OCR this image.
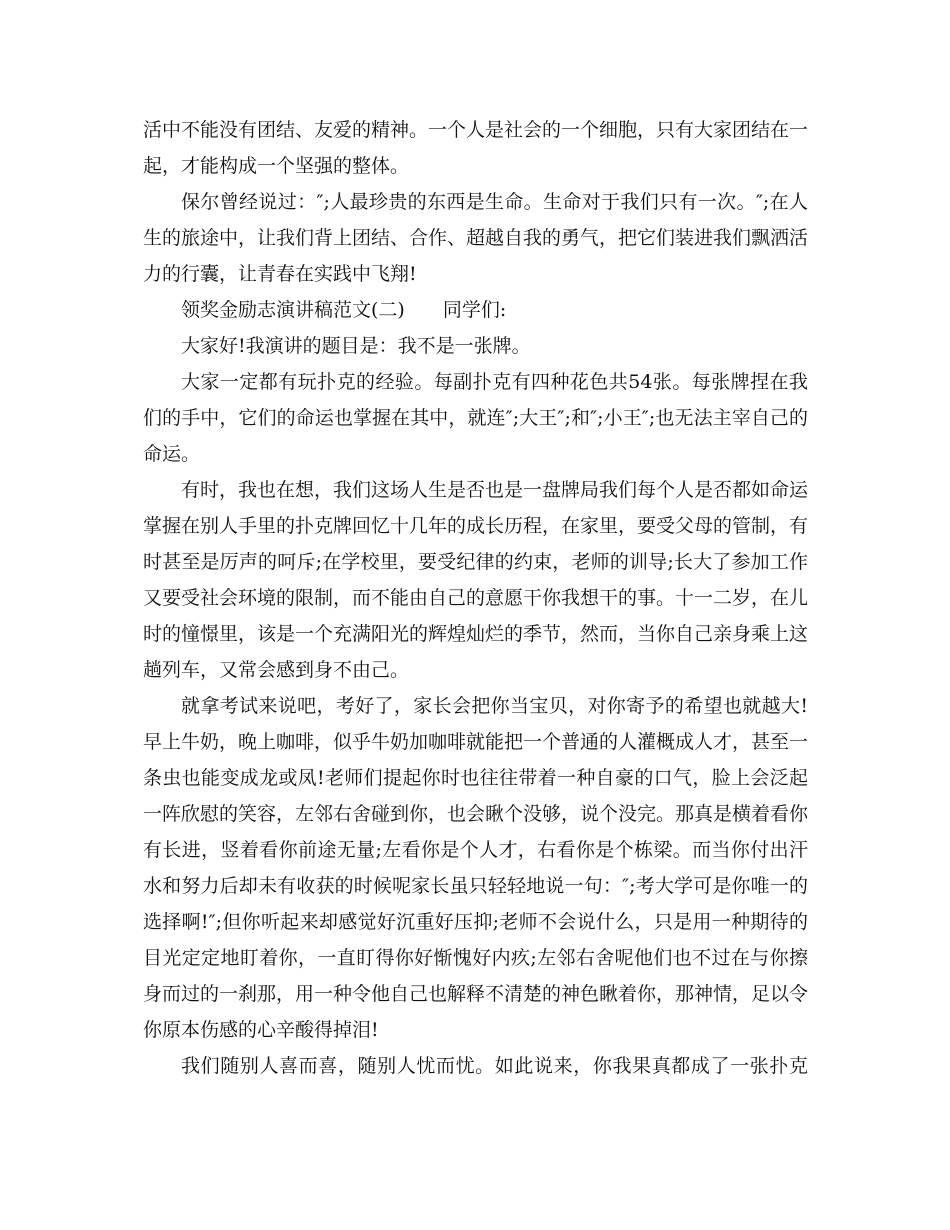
活中不能没有团结、友爱的精神。一个人是社会的一个细胞，只有大家团结在一起，才能构成一个坚强的整体。

保尔曾经说过：″;人最珍贵的东西是生命。生命对于我们只有一次。″;在人生的旅途中，让我们背上团结、合作、超越自我的勇气，把它们装进我们飘洒活力的行囊，让青春在实践中飞翔!

领奖金励志演讲稿范文(二)　　同学们:

大家好!我演讲的题目是：我不是一张牌。

大家一定都有玩扑克的经验。每副扑克有四种花色共54张。每张牌捏在我们的手中，它们的命运也掌握在其中，就连″;大王″;和″;小王″;也无法主宰自己的命运。

有时，我也在想，我们这场人生是否也是一盘牌局我们每个人是否都如命运掌握在别人手里的扑克牌回忆十几年的成长历程，在家里，要受父母的管制，有时甚至是厉声的呵斥;在学校里，要受纪律的约束，老师的训导;长大了参加工作又要受社会环境的限制，而不能由自己的意愿干你我想干的事。十一二岁，在儿时的憧憬里，该是一个充满阳光的辉煌灿烂的季节，然而，当你自己亲身乘上这趟列车，又常会感到身不由己。

就拿考试来说吧，考好了，家长会把你当宝贝，对你寄予的希望也就越大!早上牛奶，晚上咖啡，似乎牛奶加咖啡就能把一个普通的人灌概成人才，甚至一条虫也能变成龙或凤!老师们提起你时也往往带着一种自豪的口气，脸上会泛起一阵欣慰的笑容，左邻右舍碰到你，也会瞅个没够，说个没完。那真是横着看你有长进，竖着看你前途无量;左看你是个人才，右看你是个栋梁。而当你付出汗水和努力后却未有收获的时候呢家长虽只轻轻地说一句：″;考大学可是你唯一的选择啊!″;但你听起来却感觉好沉重好压抑;老师不会说什么，只是用一种期待的目光定定地盯着你，一直盯得你好惭愧好内疚;左邻右舍呢他们也不过在与你擦身而过的一刹那，用一种令他自己也解释不清楚的神色瞅着你，那神情，足以令你原本伤感的心辛酸得掉泪!

我们随别人喜而喜，随别人忧而忧。如此说来，你我果真都成了一张扑克
